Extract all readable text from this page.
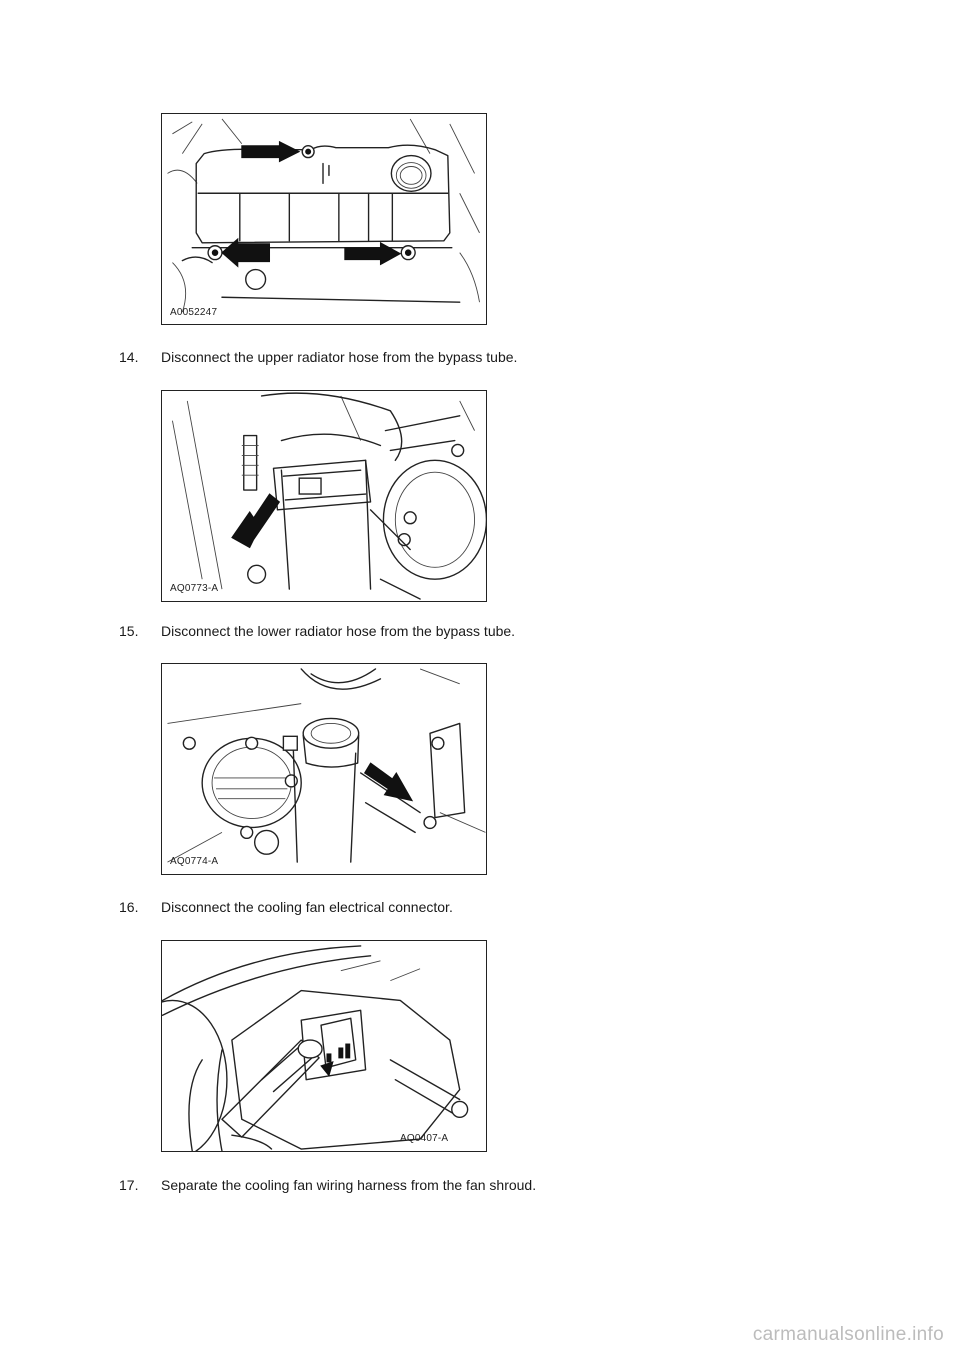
A0052247
14. Disconnect the upper radiator hose from the bypass tube.
AQ0773-A
15. Disconnect the lower radiator hose from the bypass tube.
AQ0774-A
16. Disconnect the cooling fan electrical connector.
AQ0407-A
17. Separate the cooling fan wiring harness from the fan shroud.
carmanualsonline.info
